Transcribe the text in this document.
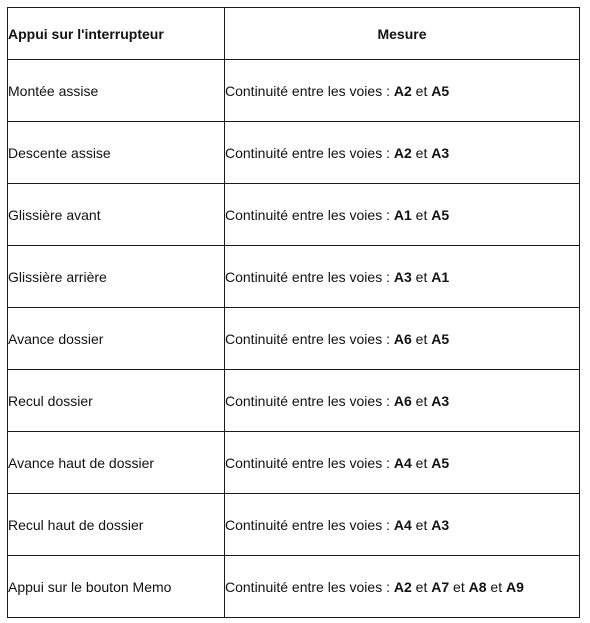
Appui sur l'interrupteur	Mesure
Montée assise	Continuité entre les voies : A2 et A5
Descente assise	Continuité entre les voies : A2 et A3
Glissière avant	Continuité entre les voies : A1 et A5
Glissière arrière	Continuité entre les voies : A3 et A1
Avance dossier	Continuité entre les voies : A6 et A5
Recul dossier	Continuité entre les voies : A6 et A3
Avance haut de dossier	Continuité entre les voies : A4 et A5
Recul haut de dossier	Continuité entre les voies : A4 et A3
Appui sur le bouton Memo	Continuité entre les voies : A2 et A7 et A8 et A9
